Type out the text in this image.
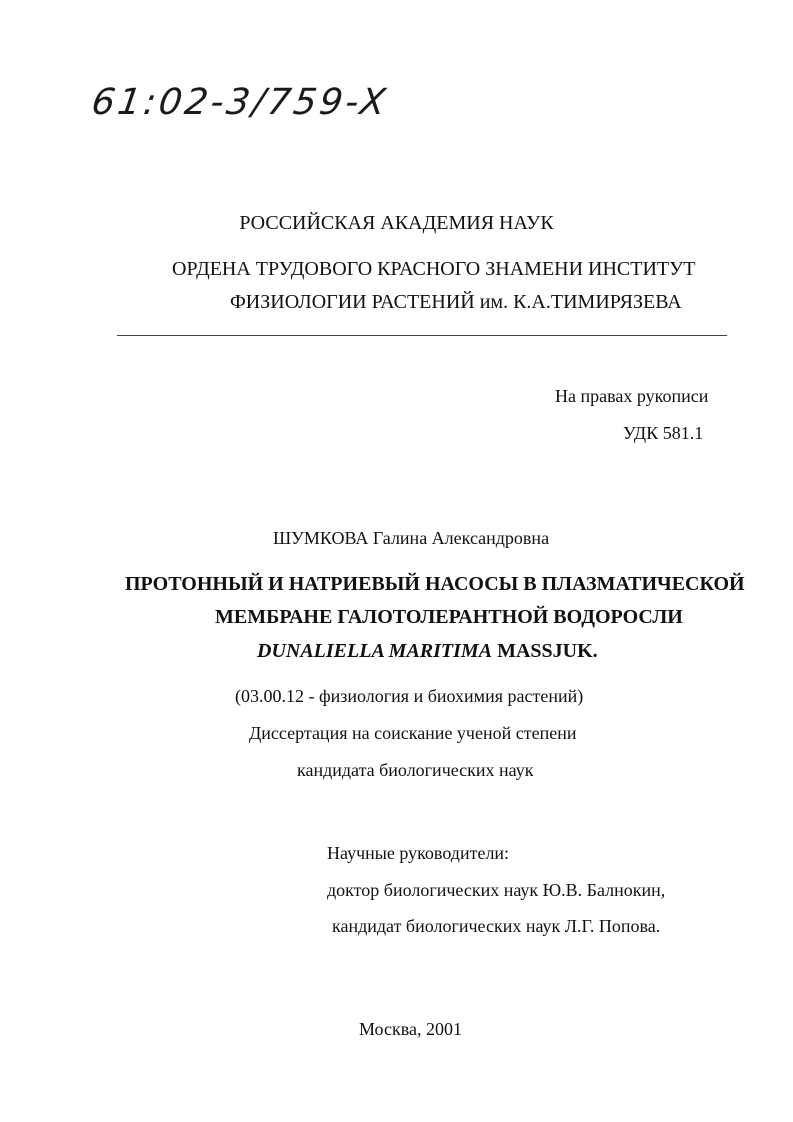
61:02-3/759-X
РОССИЙСКАЯ АКАДЕМИЯ НАУК
ОРДЕНА ТРУДОВОГО КРАСНОГО ЗНАМЕНИ ИНСТИТУТ
ФИЗИОЛОГИИ РАСТЕНИЙ им. К.А.ТИМИРЯЗЕВА
На правах рукописи
УДК 581.1
ШУМКОВА Галина Александровна
ПРОТОННЫЙ И НАТРИЕВЫЙ НАСОСЫ В ПЛАЗМАТИЧЕСКОЙ
МЕМБРАНЕ ГАЛОТОЛЕРАНТНОЙ ВОДОРОСЛИ
DUNALIELLA MARITIMA MASSJUK.
(03.00.12 - физиология и биохимия растений)
Диссертация на соискание ученой степени
кандидата биологических наук
Научные руководители:
доктор биологических наук Ю.В. Балнокин,
кандидат биологических наук Л.Г. Попова.
Москва, 2001
